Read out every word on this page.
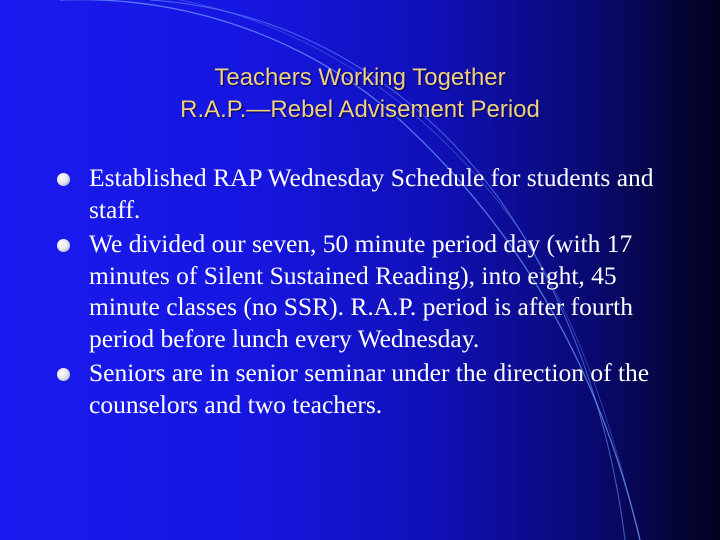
Teachers Working Together
R.A.P.—Rebel Advisement Period
Established RAP Wednesday Schedule for students and staff.
We divided our seven, 50 minute period day (with 17 minutes of Silent Sustained Reading), into eight, 45 minute classes (no SSR). R.A.P. period is after fourth period before lunch every Wednesday.
Seniors are in senior seminar under the direction of the counselors and two teachers.
